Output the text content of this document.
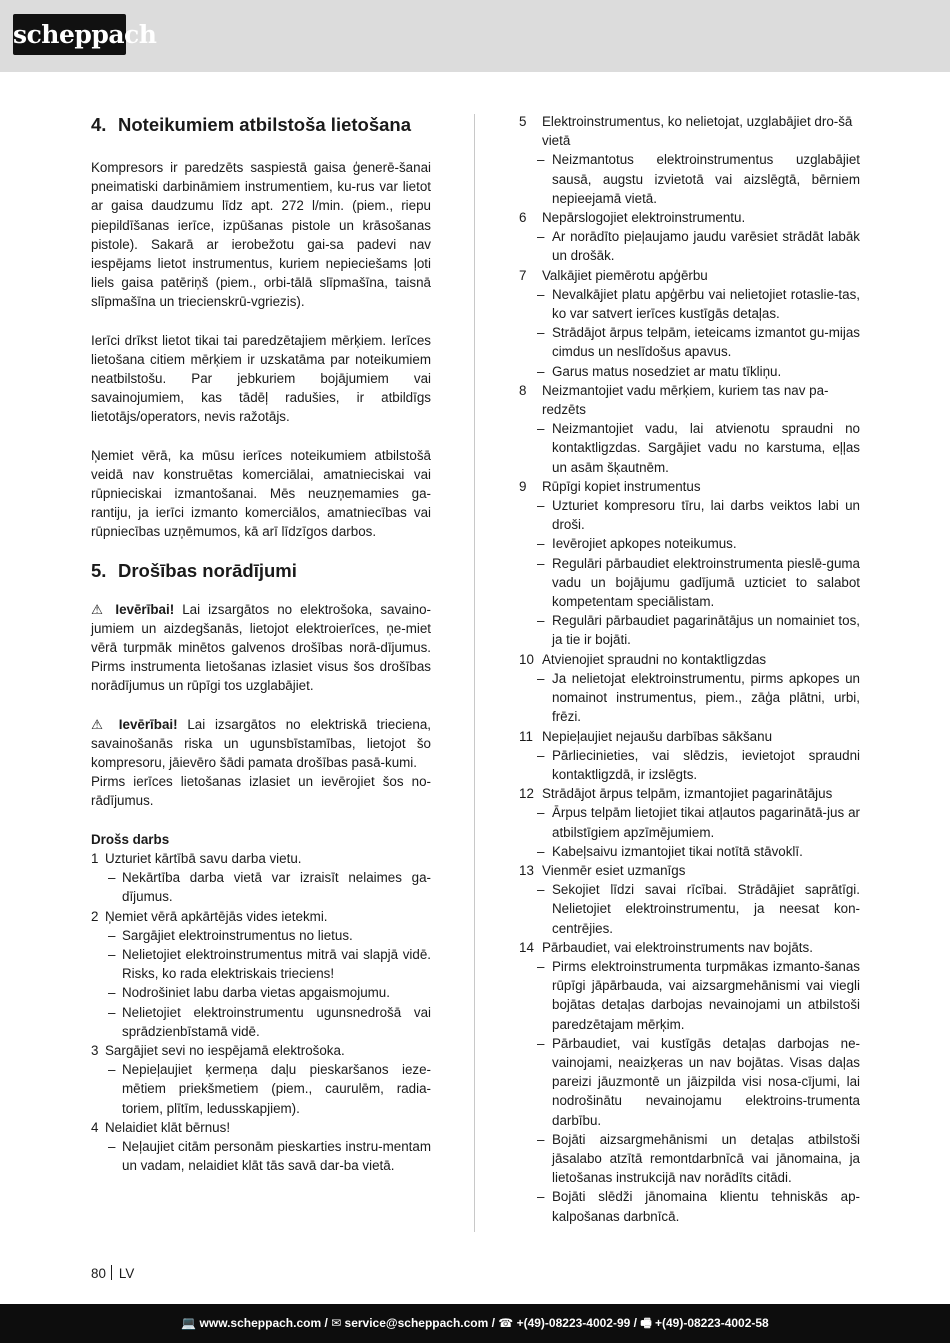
scheppach
4. Noteikumiem atbilstoša lietošana

Kompresors ir paredzēts saspiestā gaisa ģenerē-šanai pneimatiski darbināmiem instrumentiem, ku-rus var lietot ar gaisa daudzumu līdz apt. 272 l/min. (piem., riepu piepildīšanas ierīce, izpūšanas pistole un krāsošanas pistole). Sakarā ar ierobežotu gai-sa padevi nav iespējams lietot instrumentus, kuriem nepieciešams ļoti liels gaisa patēriņš (piem., orbi-tālā slīpmašīna, taisnā slīpmašīna un triecienskrū-vgriezis).

Ierīci drīkst lietot tikai tai paredzētajiem mērķiem. Ierīces lietošana citiem mērķiem ir uzskatāma par noteikumiem neatbilstošu. Par jebkuriem bojājumiem vai savainojumiem, kas tādēļ radušies, ir atbildīgs lietotājs/operators, nevis ražotājs.

Ņemiet vērā, ka mūsu ierīces noteikumiem atbilstošā veidā nav konstruētas komerciālai, amatnieciskai vai rūpnieciskai izmantošanai. Mēs neuzņemamies ga-rantiju, ja ierīci izmanto komerciālos, amatniecības vai rūpniecības uzņēmumos, kā arī līdzīgos darbos.

5. Drošības norādījumi

⚠ Ievērībai! Lai izsargātos no elektrošoka, savaino-jumiem un aizdegšanās, lietojot elektroierīces, ņe-miet vērā turpmāk minētos galvenos drošības norā-dījumus. Pirms instrumenta lietošanas izlasiet visus šos drošības norādījumus un rūpīgi tos uzglabājiet.

⚠ Ievērībai! Lai izsargātos no elektriskā trieciena, savainošanās riska un ugunsbīstamības, lietojot šo kompresoru, jāievēro šādi pamata drošības pasā-kumi.

Pirms ierīces lietošanas izlasiet un ievērojiet šos no-rādījumus.

Drošs darbs
1 Uzturiet kārtībā savu darba vietu.
– Nekārtība darba vietā var izraisīt nelaimes ga-dījumus.
2 Ņemiet vērā apkārtējās vides ietekmi.
– Sargājiet elektroinstrumentus no lietus.
– Nelietojiet elektroinstrumentus mitrā vai slapjā vidē. Risks, ko rada elektriskais trieciens!
– Nodrošiniet labu darba vietas apgaismojumu.
– Nelietojiet elektroinstrumentu ugunsnedrošā vai sprādzienbīstamā vidē.
3 Sargājiet sevi no iespējamā elektrošoka.
– Nepieļaujiet ķermeņa daļu pieskaršanos ieze-mētiem priekšmetiem (piem., caurulēm, radia-toriem, plītīm, ledusskapjiem).
4 Nelaidiet klāt bērnus!
– Neļaujiet citām personām pieskarties instru-mentam un vadam, nelaidiet klāt tās savā dar-ba vietā.
5	Elektroinstrumentus, ko nelietojat, uzglabājiet dro-šā vietā
– Neizmantotus elektroinstrumentus uzglabājiet sausā, augstu izvietotā vai aizslēgtā, bērniem nepieejamā vietā.
6	Nepārslogojiet elektroinstrumentu.
– Ar norādīto pieļaujamo jaudu varēsiet strādāt labāk un drošāk.
7	Valkājiet piemērotu apģērbu
– Nevalkājiet platu apģērbu vai nelietojiet rotaslie-tas, ko var satvert ierīces kustīgās detaļas.
– Strādājot ārpus telpām, ieteicams izmantot gu-mijas cimdus un neslīdošus apavus.
– Garus matus nosedziet ar matu tīkliņu.
8	Neizmantojiet vadu mērķiem, kuriem tas nav pa-redzēts
– Neizmantojiet vadu, lai atvienotu spraudni no kontaktligzdas. Sargājiet vadu no karstuma, eļļas un asām šķautnēm.
9	Rūpīgi kopiet instrumentus
– Uzturiet kompresoru tīru, lai darbs veiktos labi un droši.
– Ievērojiet apkopes noteikumus.
– Regulāri pārbaudiet elektroinstrumenta pieslē-guma vadu un bojājumu gadījumā uzticiet to salabot kompetentam speciālistam.
– Regulāri pārbaudiet pagarinātājus un nomainiet tos, ja tie ir bojāti.
10 Atvienojiet spraudni no kontaktligzdas
– Ja nelietojat elektroinstrumentu, pirms apkopes un nomainot instrumentus, piem., zāģa plātni, urbi, frēzi.
11 Nepieļaujiet nejaušu darbības sākšanu
– Pārliecinieties, vai slēdzis, ievietojot spraudni kontaktligzdā, ir izslēgts.
12 Strādājot ārpus telpām, izmantojiet pagarinātājus
– Ārpus telpām lietojiet tikai atļautos pagarinātā-jus ar atbilstīgiem apzīmējumiem.
– Kabeļsaivu izmantojiet tikai notītā stāvoklī.
13 Vienmēr esiet uzmanīgs
– Sekojiet līdzi savai rīcībai. Strādājiet saprātīgi. Nelietojiet elektroinstrumentu, ja neesat kon-centrējies.
14 Pārbaudiet, vai elektroinstruments nav bojāts.
– Pirms elektroinstrumenta turpmākas izmanto-šanas rūpīgi jāpārbauda, vai aizsargmehānismi vai viegli bojātas detaļas darbojas nevainojami un atbilstoši paredzētajam mērķim.
– Pārbaudiet, vai kustīgās detaļas darbojas ne-vainojami, neaizķeras un nav bojātas. Visas daļas pareizi jāuzmontē un jāizpilda visi nosa-cījumi, lai nodrošinātu nevainojamu elektroins-trumenta darbību.
– Bojāti aizsargmehānismi un detaļas atbilstoši jāsalabo atzītā remontdarbnīcā vai jānomaina, ja lietošanas instrukcijā nav norādīts citādi.
– Bojāti slēdži jānomaina klientu tehniskās ap-kalpošanas darbnīcā.
80 LV
💻 www.scheppach.com / ✉ service@scheppach.com / ☎ +(49)-08223-4002-99 / 🖷 +(49)-08223-4002-58
